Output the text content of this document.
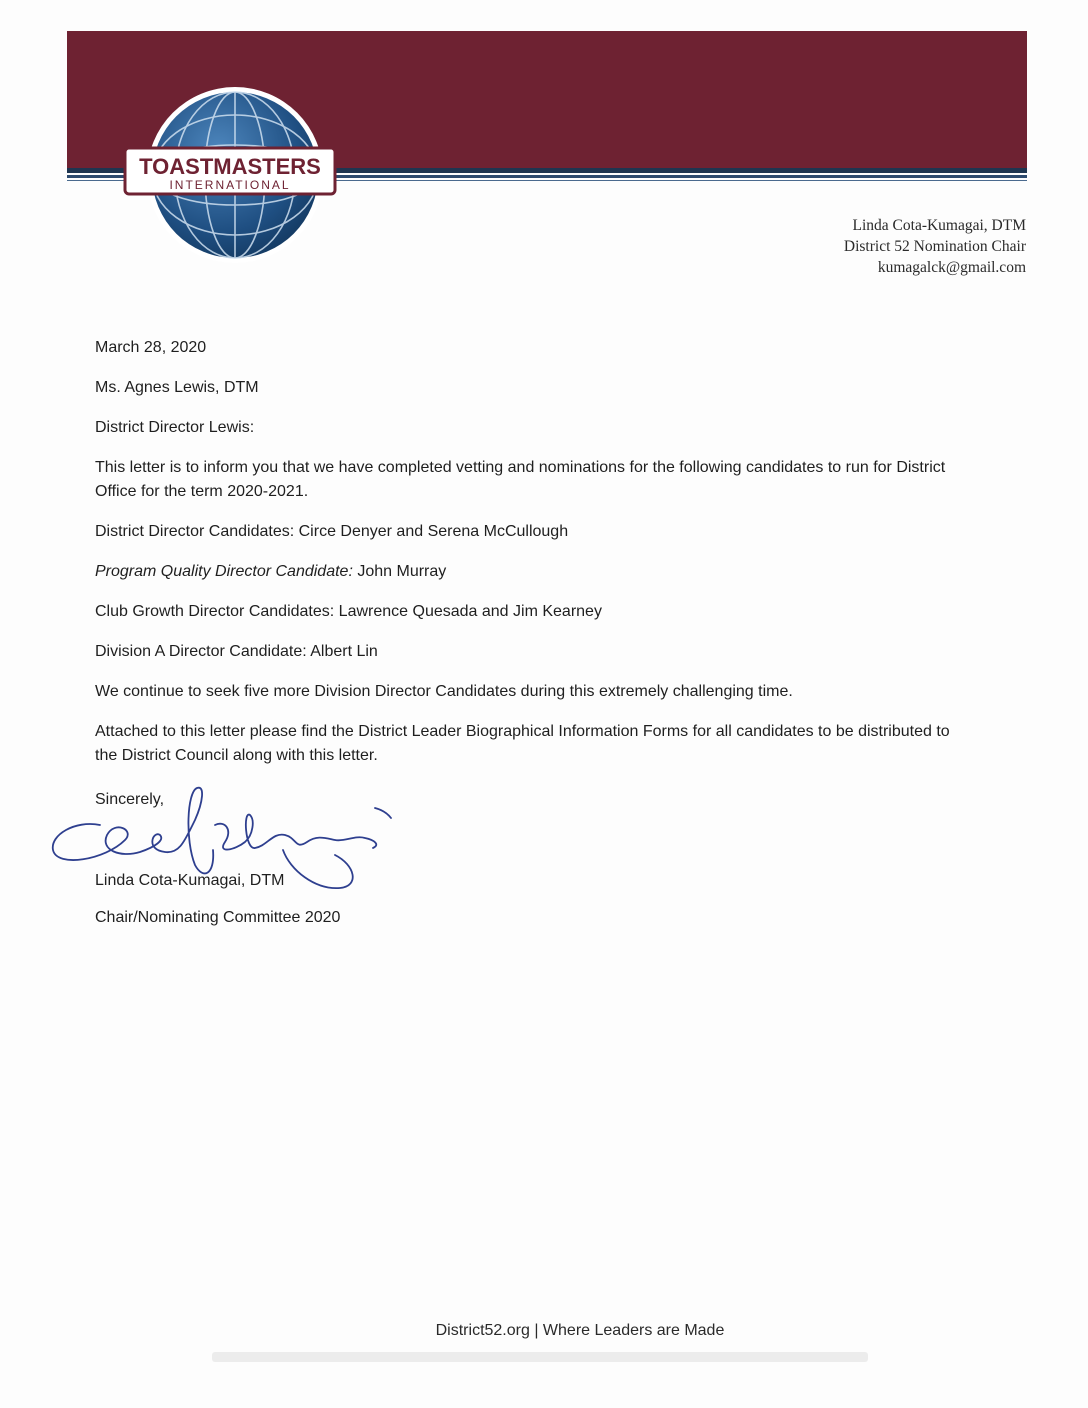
TOASTMASTERS
INTERNATIONAL
Linda Cota-Kumagai, DTM
District 52 Nomination Chair
kumagalck@gmail.com

March 28, 2020

Ms. Agnes Lewis, DTM

District Director Lewis:

This letter is to inform you that we have completed vetting and nominations for the following candidates to run for District Office for the term 2020-2021.

District Director Candidates: Circe Denyer and Serena McCullough

Program Quality Director Candidate: John Murray

Club Growth Director Candidates: Lawrence Quesada and Jim Kearney

Division A Director Candidate: Albert Lin

We continue to seek five more Division Director Candidates during this extremely challenging time.

Attached to this letter please find the District Leader Biographical Information Forms for all candidates to be distributed to the District Council along with this letter.

Sincerely,
Linda Cota-Kumagai, DTM
Chair/Nominating Committee 2020
District52.org | Where Leaders are Made
